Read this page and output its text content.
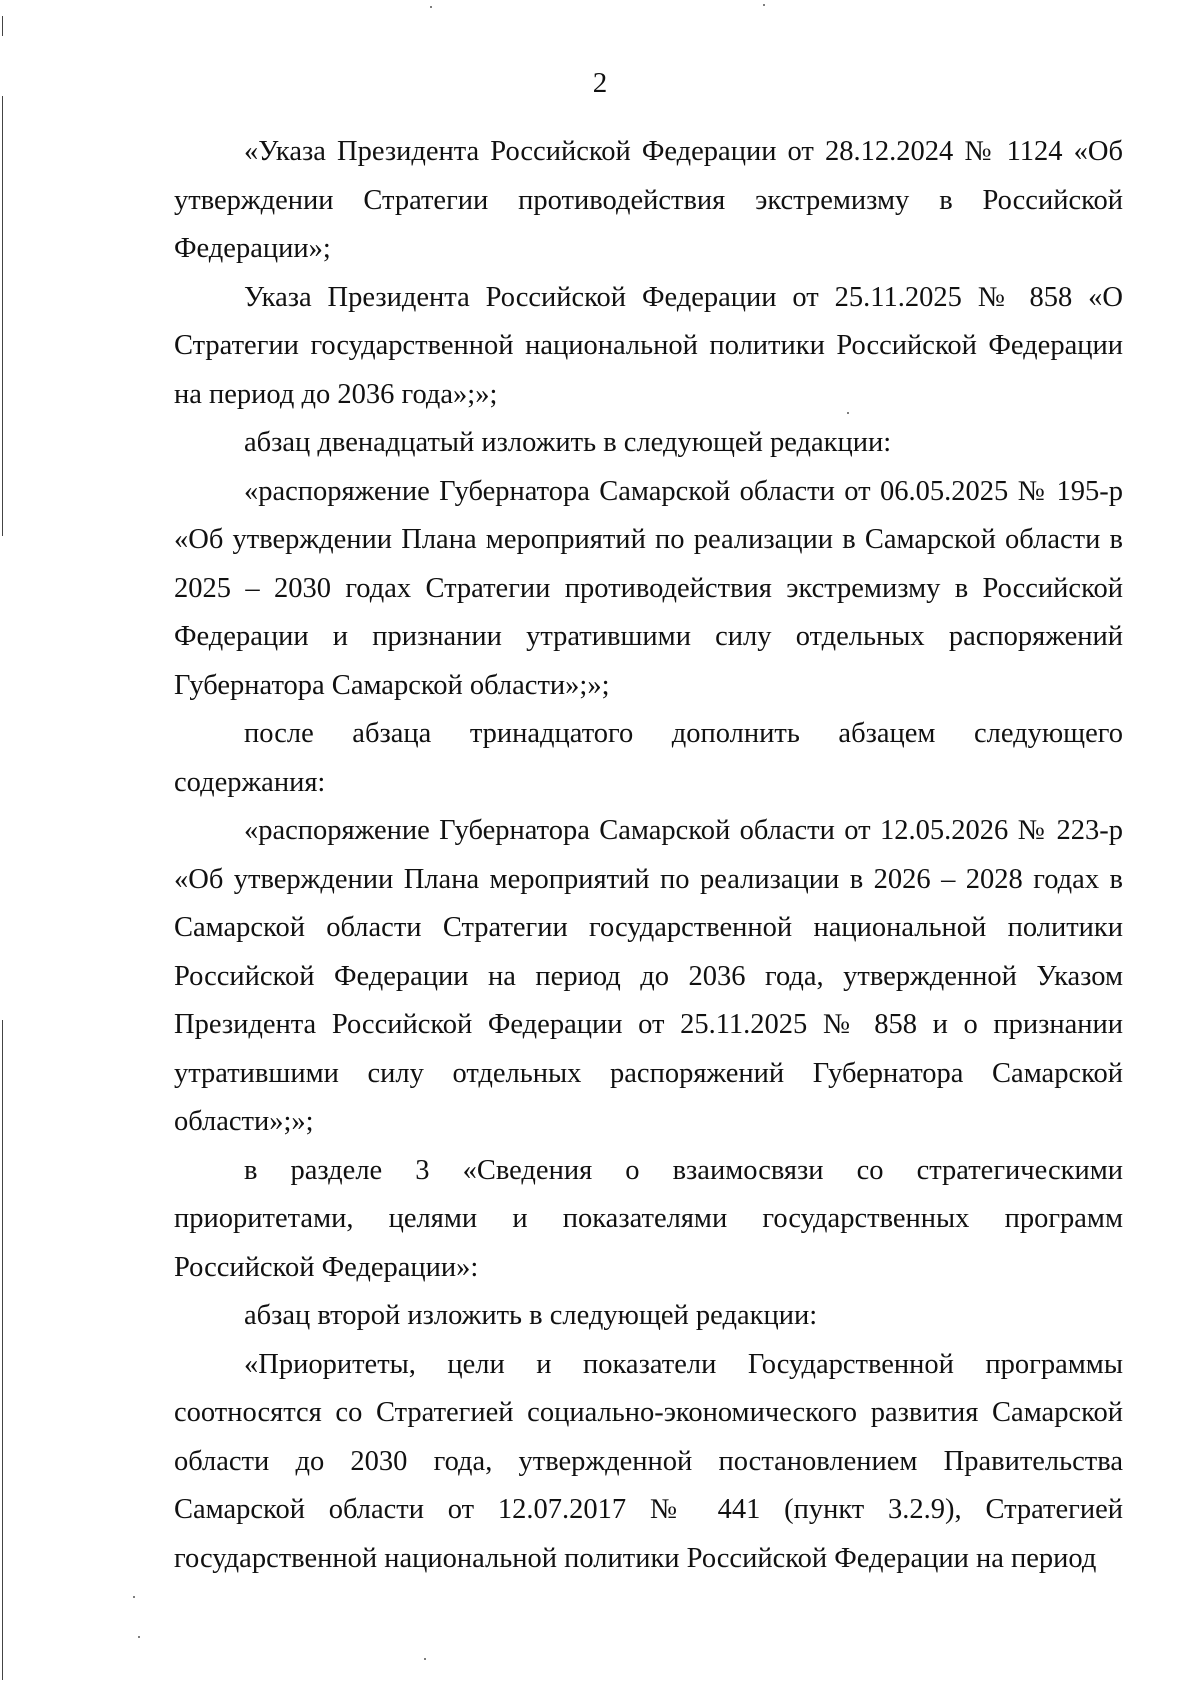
2

«Указа Президента Российской Федерации от 28.12.2024 № 1124 «Об утверждении Стратегии противодействия экстремизму в Российской Федерации»;

Указа Президента Российской Федерации от 25.11.2025 № 858 «О Стратегии государственной национальной политики Российской Федерации на период до 2036 года»;»;

абзац двенадцатый изложить в следующей редакции:

«распоряжение Губернатора Самарской области от 06.05.2025 № 195-р «Об утверждении Плана мероприятий по реализации в Самарской области в 2025 – 2030 годах Стратегии противодействия экстремизму в Российской Федерации и признании утратившими силу отдельных распоряжений Губернатора Самарской области»;»;

после абзаца тринадцатого дополнить абзацем следующего содержания:

«распоряжение Губернатора Самарской области от 12.05.2026 № 223-р «Об утверждении Плана мероприятий по реализации в 2026 – 2028 годах в Самарской области Стратегии государственной национальной политики Российской Федерации на период до 2036 года, утвержденной Указом Президента Российской Федерации от 25.11.2025 № 858 и о признании утратившими силу отдельных распоряжений Губернатора Самарской области»;»;

в разделе 3 «Сведения о взаимосвязи со стратегическими приоритетами, целями и показателями государственных программ Российской Федерации»:

абзац второй изложить в следующей редакции:

«Приоритеты, цели и показатели Государственной программы соотносятся со Стратегией социально-экономического развития Самарской области до 2030 года, утвержденной постановлением Правительства Самарской области от 12.07.2017 № 441 (пункт 3.2.9), Стратегией государственной национальной политики Российской Федерации на период
